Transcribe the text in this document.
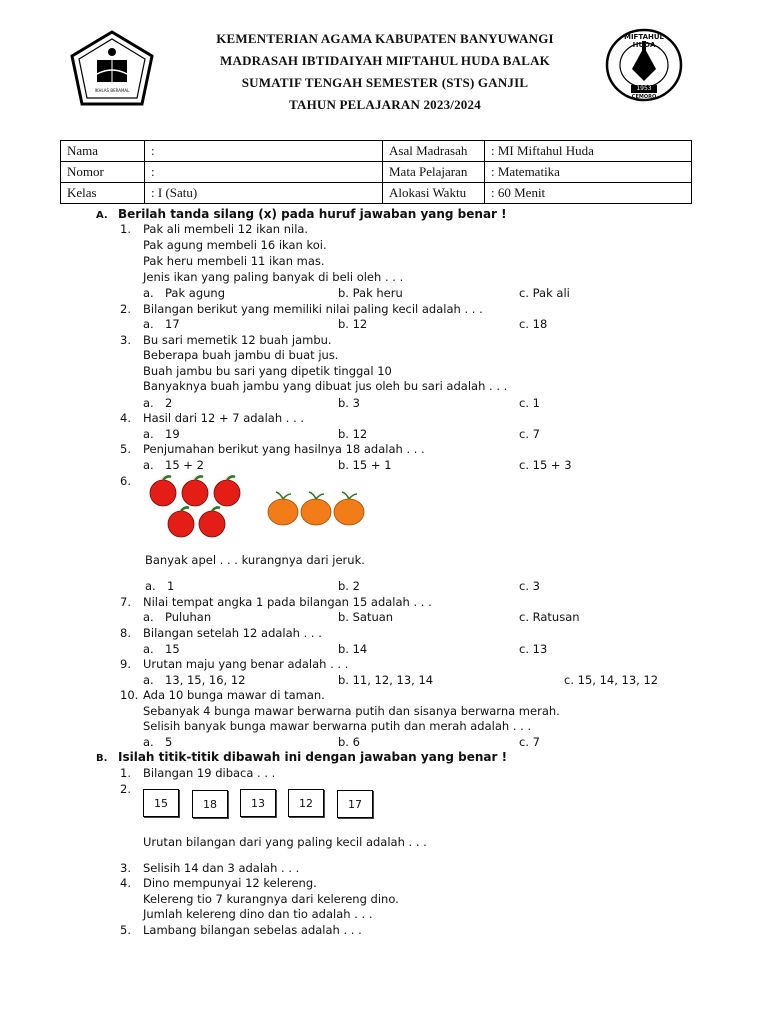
IKHLAS BERAMAL
KEMENTERIAN AGAMA KABUPATEN BANYUWANGI
MADRASAH IBTIDAIYAH MIFTAHUL HUDA BALAK
SUMATIF TENGAH SEMESTER (STS) GANJIL
TAHUN PELAJARAN 2023/2024
MIFTAHUL HUDA
1953
CEMORO
Nama	:	Asal Madrasah	: MI Miftahul Huda
Nomor	:	Mata Pelajaran	: Matematika
Kelas	: I (Satu)	Alokasi Waktu	: 60 Menit
A. Berilah tanda silang (x) pada huruf jawaban yang benar !
1. Pak ali membeli 12 ikan nila.
Pak agung membeli 16 ikan koi.
Pak heru membeli 11 ikan mas.
Jenis ikan yang paling banyak di beli oleh . . .
a. Pak agung	b. Pak heru	c. Pak ali
2. Bilangan berikut yang memiliki nilai paling kecil adalah . . .
a. 17	b. 12	c. 18
3. Bu sari memetik 12 buah jambu.
Beberapa buah jambu di buat jus.
Buah jambu bu sari yang dipetik tinggal 10
Banyaknya buah jambu yang dibuat jus oleh bu sari adalah . . .
a. 2	b. 3	c. 1
4. Hasil dari 12 + 7 adalah . . .
a. 19	b. 12	c. 7
5. Penjumahan berikut yang hasilnya 18 adalah . . .
a. 15 + 2	b. 15 + 1	c. 15 + 3
6.
Banyak apel . . . kurangnya dari jeruk.
a. 1	b. 2	c. 3
7. Nilai tempat angka 1 pada bilangan 15 adalah . . .
a. Puluhan	b. Satuan	c. Ratusan
8. Bilangan setelah 12 adalah . . .
a. 15	b. 14	c. 13
9. Urutan maju yang benar adalah . . .
a. 13, 15, 16, 12	b. 11, 12, 13, 14	c. 15, 14, 13, 12
10. Ada 10 bunga mawar di taman.
Sebanyak 4 bunga mawar berwarna putih dan sisanya berwarna merah.
Selisih banyak bunga mawar berwarna putih dan merah adalah . . .
a. 5	b. 6	c. 7
B. Isilah titik-titik dibawah ini dengan jawaban yang benar !
1. Bilangan 19 dibaca . . .
2.
15	18	13	12	17
Urutan bilangan dari yang paling kecil adalah . . .
3. Selisih 14 dan 3 adalah . . .
4. Dino mempunyai 12 kelereng.
Kelereng tio 7 kurangnya dari kelereng dino.
Jumlah kelereng dino dan tio adalah . . .
5. Lambang bilangan sebelas adalah . . .
